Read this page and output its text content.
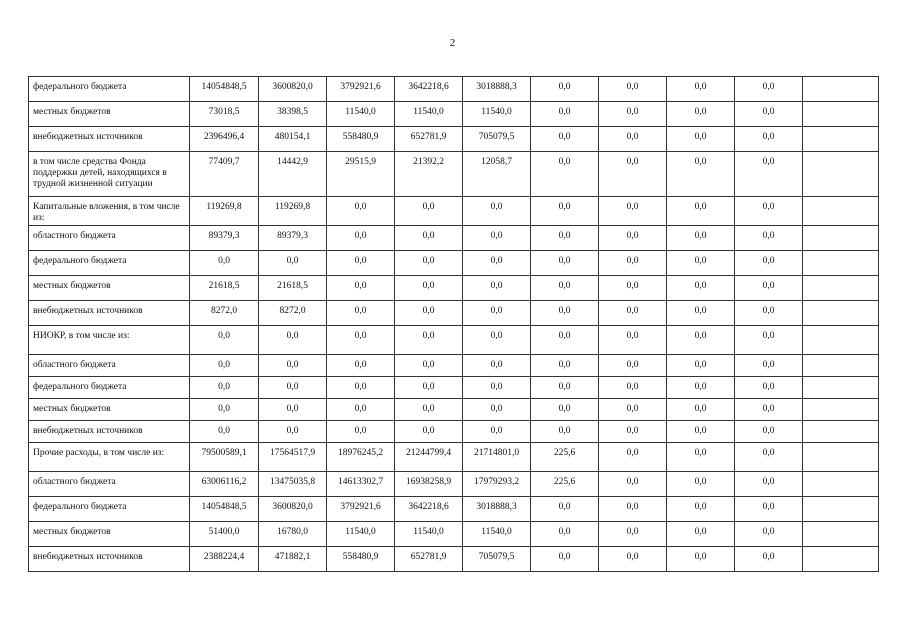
2
федерального бюджета	14054848,5	3600820,0	3792921,6	3642218,6	3018888,3	0,0	0,0	0,0	0,0	
местных бюджетов	73018,5	38398,5	11540,0	11540,0	11540,0	0,0	0,0	0,0	0,0	
внебюджетных источников	2396496,4	480154,1	558480,9	652781,9	705079,5	0,0	0,0	0,0	0,0	
в том числе средства Фонда поддержки детей, находящихся в трудной жизненной ситуации	77409,7	14442,9	29515,9	21392,2	12058,7	0,0	0,0	0,0	0,0	
Капитальные вложения, в том числе из:	119269,8	119269,8	0,0	0,0	0,0	0,0	0,0	0,0	0,0	
областного бюджета	89379,3	89379,3	0,0	0,0	0,0	0,0	0,0	0,0	0,0	
федерального бюджета	0,0	0,0	0,0	0,0	0,0	0,0	0,0	0,0	0,0	
местных бюджетов	21618,5	21618,5	0,0	0,0	0,0	0,0	0,0	0,0	0,0	
внебюджетных источников	8272,0	8272,0	0,0	0,0	0,0	0,0	0,0	0,0	0,0	
НИОКР, в том числе из:	0,0	0,0	0,0	0,0	0,0	0,0	0,0	0,0	0,0	
областного бюджета	0,0	0,0	0,0	0,0	0,0	0,0	0,0	0,0	0,0	
федерального бюджета	0,0	0,0	0,0	0,0	0,0	0,0	0,0	0,0	0,0	
местных бюджетов	0,0	0,0	0,0	0,0	0,0	0,0	0,0	0,0	0,0	
внебюджетных источников	0,0	0,0	0,0	0,0	0,0	0,0	0,0	0,0	0,0	
Прочие расходы, в том числе из:	79500589,1	17564517,9	18976245,2	21244799,4	21714801,0	225,6	0,0	0,0	0,0	
областного бюджета	63006116,2	13475035,8	14613302,7	16938258,9	17979293,2	225,6	0,0	0,0	0,0	
федерального бюджета	14054848,5	3600820,0	3792921,6	3642218,6	3018888,3	0,0	0,0	0,0	0,0	
местных бюджетов	51400,0	16780,0	11540,0	11540,0	11540,0	0,0	0,0	0,0	0,0	
внебюджетных источников	2388224,4	471882,1	558480,9	652781,9	705079,5	0,0	0,0	0,0	0,0	
